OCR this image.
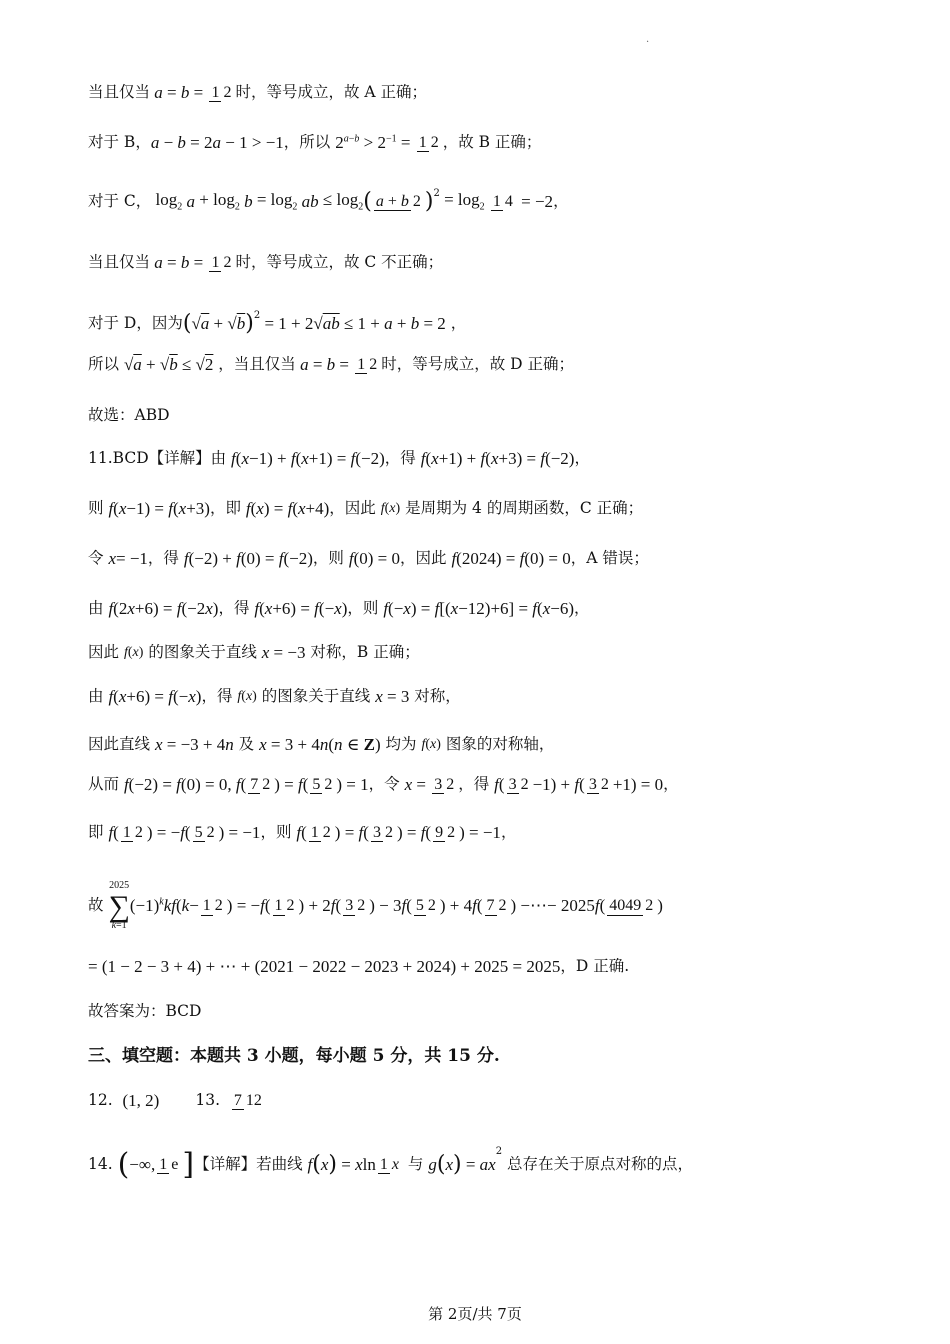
.
当且仅当 a = b = 1 2 时，等号成立，故 A 正确；
对于 B， a − b = 2 a − 1 > −1 ，所以 $2^{a-b} > 2^{-1} = 1$ 2 ，故 B 正确；
对于 C， $\log_2 a + \log_2 b = \log_2$ ab ≤ $\log_2$ ( a + b 2 )$^2 = \log_2 1$ 4 = −2 ，
当且仅当 a = b = 1 2 时，等号成立，故 C 不正确；
对于 D，因为 ( √a + √b )$^2$ = 1 + 2√ab ≤ 1 + a + b = 2 ，
所以 √a + √b ≤ √2 ，当且仅当 a = b = 1 2 时，等号成立，故 D 正确；
故选：ABD
11.BCD【详解】由 f ( x −1) + f ( x +1) = f (−2) ，得 f ( x +1) + f ( x +3) = f (−2) ，
则 f ( x −1) = f ( x +3) ，即 f ( x ) = f ( x +4) ，因此 f ( x ) 是周期为 4 的周期函数，C 正确；
令 x = −1 ，得 f (−2) + f (0) = f (−2) ，则 f (0) = 0 ，因此 f (2024) = f (0) = 0 ，A 错误；
由 f (2 x +6) = f (−2 x ) ，得 f ( x +6) = f (− x ) ，则 f (− x ) = f [( x −12)+6] = f ( x −6) ，
因此 f ( x ) 的图象关于直线 x = −3 对称，B 正确；
由 f ( x +6) = f (− x ) ，得 f ( x ) 的图象关于直线 x = 3 对称，
因此直线 x = −3 + 4 n 及 x = 3 + 4 n ( n ∈ Z) 均为 f ( x ) 图象的对称轴，
从而 f (−2) = f (0) = 0, f ( 7 2 ) = f ( 5 2 ) = 1 ，令 x = 3 2 ，得 f ( 3 2 −1) + f ( 3 2 +1) = 0 ，
即 f ( 1 2 ) = − f ( 5 2 ) = −1 ，则 f ( 1 2 ) = f ( 3 2 ) = f ( 9 2 ) = −1 ，
故
2025
∑
k=1
$(-1)^k$ kf ( k − 1 2 ) = − f ( 1 2 ) + 2 f ( 3 2 ) − 3 f ( 5 2 ) + 4 f ( 7 2 ) −⋯− 2025 f ( 4049 2 )
= (1 − 2 − 3 + 4) + ⋯ + (2021 − 2022 − 2023 + 2024) + 2025 = 2025 ，D 正确.
故答案为：BCD
三、填空题：本题共 3 小题，每小题 5 分，共 15 分.
12. (1, 2) 13. 7 12
14. ( −∞, 1 e ] 【详解】若曲线 f ( x ) = x ln 1 x 与 g ( x ) = ax
$^2$
总存在关于原点对称的点，
第 2页/共 7页
